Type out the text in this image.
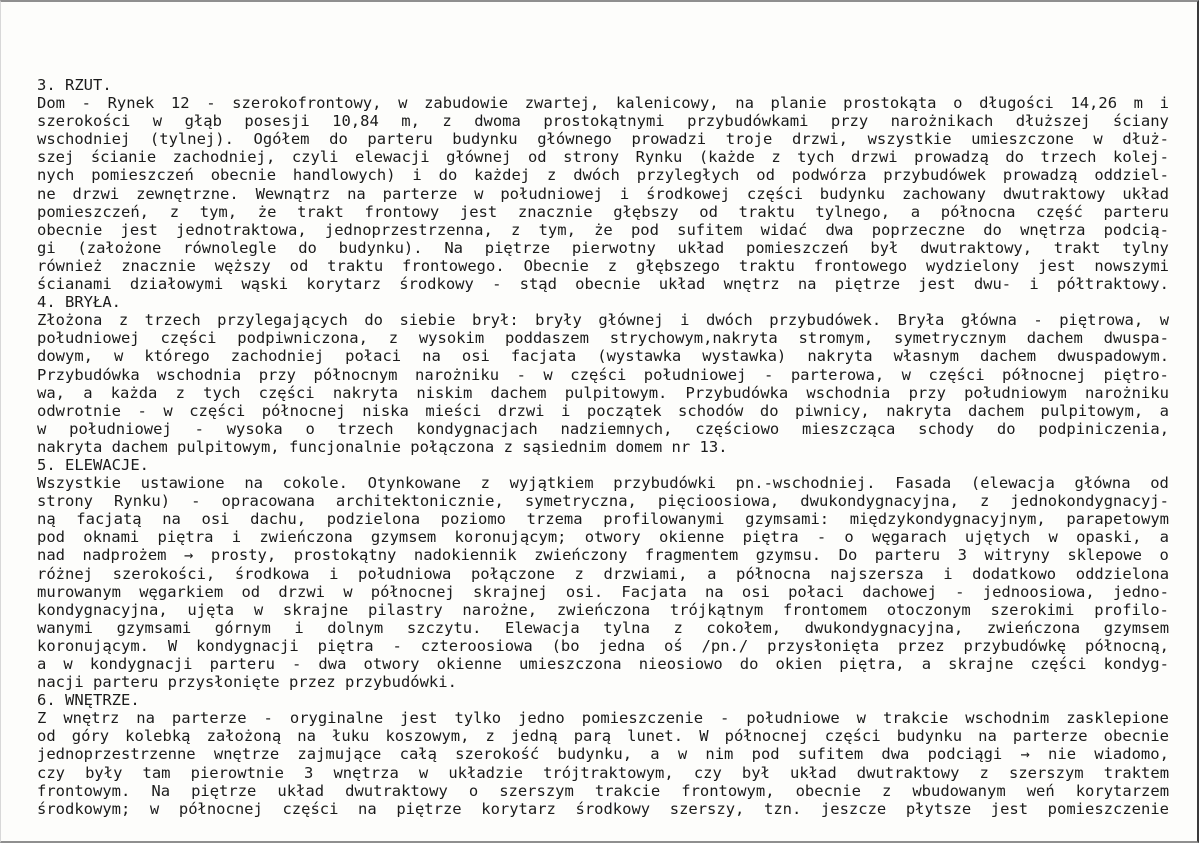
3. RZUT.
Dom - Rynek 12 - szerokofrontowy, w zabudowie zwartej, kalenicowy, na planie prostokąta o długości 14,26 m i
szerokości w głąb posesji 10,84 m, z dwoma prostokątnymi przybudówkami przy narożnikach dłuższej ściany
wschodniej (tylnej). Ogółem do parteru budynku głównego prowadzi troje drzwi, wszystkie umieszczone w dłuż-
szej ścianie zachodniej, czyli elewacji głównej od strony Rynku (każde z tych drzwi prowadzą do trzech kolej-
nych pomieszczeń obecnie handlowych) i do każdej z dwóch przyległych od podwórza przybudówek prowadzą oddziel-
ne drzwi zewnętrzne. Wewnątrz na parterze w południowej i środkowej części budynku zachowany dwutraktowy układ
pomieszczeń, z tym, że trakt frontowy jest znacznie głębszy od traktu tylnego, a północna część parteru
obecnie jest jednotraktowa, jednoprzestrzenna, z tym, że pod sufitem widać dwa poprzeczne do wnętrza podcią-
gi (założone równolegle do budynku). Na piętrze pierwotny układ pomieszczeń był dwutraktowy, trakt tylny
również znacznie węższy od traktu frontowego. Obecnie z głębszego traktu frontowego wydzielony jest nowszymi
ścianami działowymi wąski korytarz środkowy - stąd obecnie układ wnętrz na piętrze jest dwu- i półtraktowy.
4. BRYŁA.
Złożona z trzech przylegających do siebie brył: bryły głównej i dwóch przybudówek. Bryła główna - piętrowa, w
południowej części podpiwniczona, z wysokim poddaszem strychowym,nakryta stromym, symetrycznym dachem dwuspa-
dowym, w którego zachodniej połaci na osi facjata (wystawka wystawka) nakryta własnym dachem dwuspadowym.
Przybudówka wschodnia przy północnym narożniku - w części południowej - parterowa, w części północnej piętro-
wa, a każda z tych części nakryta niskim dachem pulpitowym. Przybudówka wschodnia przy południowym narożniku
odwrotnie - w części północnej niska mieści drzwi i początek schodów do piwnicy, nakryta dachem pulpitowym, a
w południowej - wysoka o trzech kondygnacjach nadziemnych, częściowo mieszcząca schody do podpiniczenia,
nakryta dachem pulpitowym, funcjonalnie połączona z sąsiednim domem nr 13.
5. ELEWACJE.
Wszystkie ustawione na cokole. Otynkowane z wyjątkiem przybudówki pn.-wschodniej. Fasada (elewacja główna od
strony Rynku) - opracowana architektonicznie, symetryczna, pięcioosiowa, dwukondygnacyjna, z jednokondygnacyj-
ną facjatą na osi dachu, podzielona poziomo trzema profilowanymi gzymsami: międzykondygnacyjnym, parapetowym
pod oknami piętra i zwieńczona gzymsem koronującym; otwory okienne piętra - o węgarach ujętych w opaski, a
nad nadprożem → prosty, prostokątny nadokiennik zwieńczony fragmentem gzymsu. Do parteru 3 witryny sklepowe o
różnej szerokości, środkowa i południowa połączone z drzwiami, a północna najszersza i dodatkowo oddzielona
murowanym węgarkiem od drzwi w północnej skrajnej osi. Facjata na osi połaci dachowej - jednoosiowa, jedno-
kondygnacyjna, ujęta w skrajne pilastry narożne, zwieńczona trójkątnym frontomem otoczonym szerokimi profilo-
wanymi gzymsami górnym i dolnym szczytu. Elewacja tylna z cokołem, dwukondygnacyjna, zwieńczona gzymsem
koronującym. W kondygnacji piętra - czteroosiowa (bo jedna oś /pn./ przysłonięta przez przybudówkę północną,
a w kondygnacji parteru - dwa otwory okienne umieszczona nieosiowo do okien piętra, a skrajne części kondyg-
nacji parteru przysłonięte przez przybudówki.
6. WNĘTRZE.
Z wnętrz na parterze - oryginalne jest tylko jedno pomieszczenie - południowe w trakcie wschodnim zasklepione
od góry kolebką założoną na łuku koszowym, z jedną parą lunet. W północnej części budynku na parterze obecnie
jednoprzestrzenne wnętrze zajmujące całą szerokość budynku, a w nim pod sufitem dwa podciągi → nie wiadomo,
czy były tam pierowtnie 3 wnętrza w układzie trójtraktowym, czy był układ dwutraktowy z szerszym traktem
frontowym. Na piętrze układ dwutraktowy o szerszym trakcie frontowym, obecnie z wbudowanym weń korytarzem
środkowym; w północnej części na piętrze korytarz środkowy szerszy, tzn. jeszcze płytsze jest pomieszczenie
